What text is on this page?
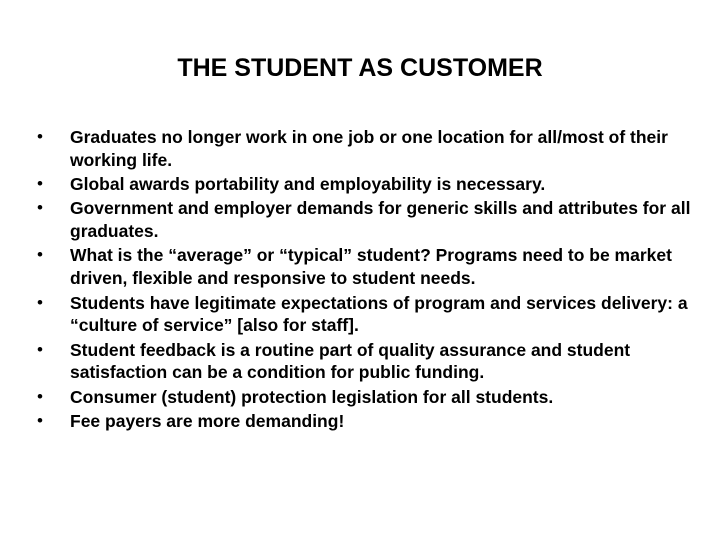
THE STUDENT AS CUSTOMER
•	Graduates no longer work in one job or one location for all/most of their working life.
•	Global awards portability and employability is necessary.
•	Government and employer demands for generic skills and attributes for all graduates.
•	What is the “average” or “typical” student? Programs need to be market driven, flexible and responsive to student needs.
•	Students have legitimate expectations of program and services delivery: a “culture of service” [also for staff].
•	Student feedback is a routine part of quality assurance and student satisfaction can be a condition for public funding.
•	Consumer (student) protection legislation for all students.
•	Fee payers are more demanding!
